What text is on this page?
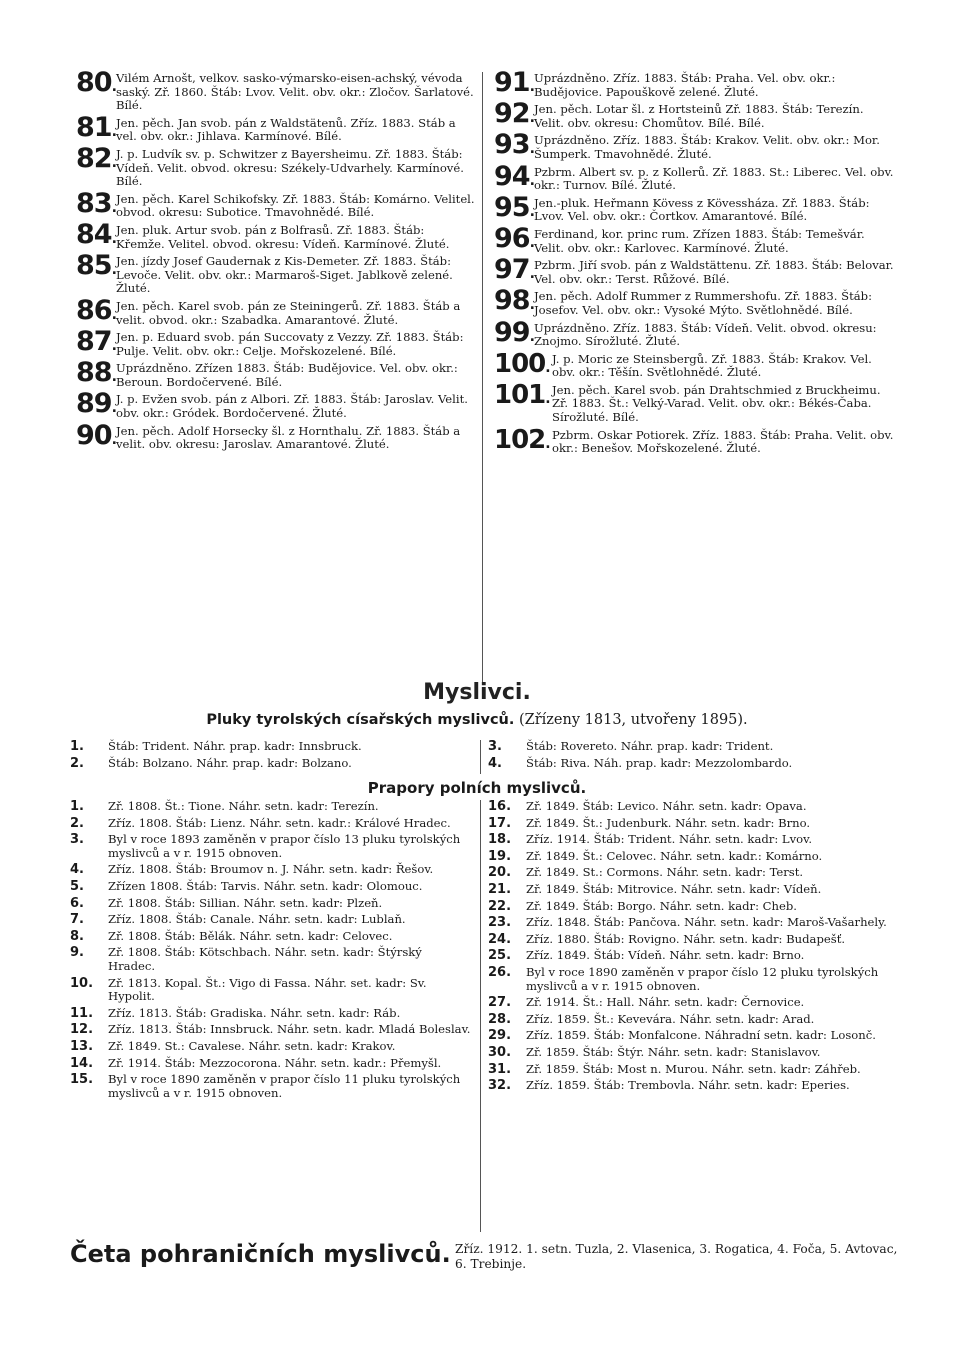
80 . Vilém Arnošt, velkov. sasko-výmarsko-eisen-achský, vévoda saský. Zř. 1860. Štáb: Lvov. Velit. obv. okr.: Zločov. Šarlatové. Bílé.
81 . Jen. pěch. Jan svob. pán z Waldstätenů. Zříz. 1883. Stáb a vel. obv. okr.: Jihlava. Karmínové. Bílé.
82 . J. p. Ludvík sv. p. Schwitzer z Bayersheimu. Zř. 1883. Štáb: Vídeň. Velit. obvod. okresu: Székely-Udvarhely. Karmínové. Bílé.
83 . Jen. pěch. Karel Schikofsky. Zř. 1883. Štáb: Komárno. Velitel. obvod. okresu: Subotice. Tmavohnědé. Bílé.
84 . Jen. pluk. Artur svob. pán z Bolfrasů. Zř. 1883. Štáb: Křemže. Velitel. obvod. okresu: Vídeň. Karmínové. Žluté.
85 . Jen. jízdy Josef Gaudernak z Kis-Demeter. Zř. 1883. Štáb: Levoče. Velit. obv. okr.: Marmaroš-Siget. Jablkově zelené. Žluté.
86 . Jen. pěch. Karel svob. pán ze Steiningerů. Zř. 1883. Štáb a velit. obvod. okr.: Szabadka. Amarantové. Žluté.
87 . Jen. p. Eduard svob. pán Succovaty z Vezzy. Zř. 1883. Štáb: Pulje. Velit. obv. okr.: Celje. Mořskozelené. Bílé.
88 . Uprázdněno. Zřízen 1883. Štáb: Budějovice. Vel. obv. okr.: Beroun. Bordočervené. Bílé.
89 . J. p. Evžen svob. pán z Albori. Zř. 1883. Štáb: Jaroslav. Velit. obv. okr.: Gródek. Bordočervené. Žluté.
90 . Jen. pěch. Adolf Horsecky šl. z Hornthalu. Zř. 1883. Štáb a velit. obv. okresu: Jaroslav. Amarantové. Žluté.
91 . Uprázdněno. Zříz. 1883. Štáb: Praha. Vel. obv. okr.: Budějovice. Papouškově zelené. Žluté.
92 . Jen. pěch. Lotar šl. z Hortsteinů Zř. 1883. Štáb: Terezín. Velit. obv. okresu: Chomůtov. Bílé. Bílé.
93 . Uprázdněno. Zříz. 1883. Štáb: Krakov. Velit. obv. okr.: Mor. Šumperk. Tmavohnědé. Žluté.
94 . Pzbrm. Albert sv. p. z Kollerů. Zř. 1883. St.: Liberec. Vel. obv. okr.: Turnov. Bílé. Žluté.
95 . Jen.-pluk. Heřmann Kövess z Kövessházа. Zř. 1883. Štáb: Lvov. Vel. obv. okr.: Čortkov. Amarantové. Bílé.
96 . Ferdinand, kor. princ rum. Zřízen 1883. Štáb: Temešvár. Velit. obv. okr.: Karlovec. Karmínové. Žluté.
97 . Pzbrm. Jiří svob. pán z Waldstättenu. Zř. 1883. Štáb: Belovar. Vel. obv. okr.: Terst. Růžové. Bílé.
98 . Jen. pěch. Adolf Rummer z Rummershofu. Zř. 1883. Štáb: Josefov. Vel. obv. okr.: Vysoké Mýto. Světlohnědé. Bílé.
99 . Uprázdněno. Zříz. 1883. Štáb: Vídeň. Velit. obvod. okresu: Znojmo. Sírožluté. Žluté.
100 . J. p. Moric ze Steinsbergů. Zř. 1883. Štáb: Krakov. Vel. obv. okr.: Těšín. Světlohnědé. Žluté.
101 . Jen. pěch. Karel svob. pán Drahtschmied z Bruckheimu. Zř. 1883. Št.: Velký-Varad. Velit. obv. okr.: Békés-Čaba. Sírožluté. Bílé.
102 . Pzbrm. Oskar Potiorek. Zříz. 1883. Štáb: Praha. Velit. obv. okr.: Benešov. Mořskozelené. Žluté.
Myslivci.
Pluky tyrolských císařských myslivců. (Zřízeny 1813, utvořeny 1895).
1. Štáb: Trident. Náhr. prap. kadr: Innsbruck.
2. Štáb: Bolzano. Náhr. prap. kadr: Bolzano.
3. Štáb: Rovereto. Náhr. prap. kadr: Trident.
4. Štáb: Riva. Náh. prap. kadr: Mezzolombardo.
Prapory polních myslivců.
1. Zř. 1808. Št.: Tione. Náhr. setn. kadr: Terezín.
2. Zříz. 1808. Štáb: Lienz. Náhr. setn. kadr.: Králové Hradec.
3. Byl v roce 1893 zaměněn v prapor číslo 13 pluku tyrolských myslivců a v r. 1915 obnoven.
4. Zříz. 1808. Štáb: Broumov n. J. Náhr. setn. kadr: Řešov.
5. Zřízen 1808. Štáb: Tarvis. Náhr. setn. kadr: Olomouc.
6. Zř. 1808. Štáb: Sillian. Náhr. setn. kadr: Plzeň.
7. Zříz. 1808. Štáb: Canale. Náhr. setn. kadr: Lublaň.
8. Zř. 1808. Štáb: Bělák. Náhr. setn. kadr: Celovec.
9. Zř. 1808. Štáb: Kötschbach. Náhr. setn. kadr: Štýrský Hradec.
10. Zř. 1813. Kopal. Št.: Vigo di Fassa. Náhr. set. kadr: Sv. Hypolit.
11. Zříz. 1813. Štáb: Gradiska. Náhr. setn. kadr: Ráb.
12. Zříz. 1813. Štáb: Innsbruck. Náhr. setn. kadr. Mladá Boleslav.
13. Zř. 1849. St.: Cavalese. Náhr. setn. kadr: Krakov.
14. Zř. 1914. Štáb: Mezzocorona. Náhr. setn. kadr.: Přemyšl.
15. Byl v roce 1890 zaměněn v prapor číslo 11 pluku tyrolských myslivců a v r. 1915 obnoven.
16. Zř. 1849. Štáb: Levico. Náhr. setn. kadr: Opava.
17. Zř. 1849. Št.: Judenburk. Náhr. setn. kadr: Brno.
18. Zříz. 1914. Štáb: Trident. Náhr. setn. kadr: Lvov.
19. Zř. 1849. Št.: Celovec. Náhr. setn. kadr.: Komárno.
20. Zř. 1849. St.: Cormons. Náhr. setn. kadr: Terst.
21. Zř. 1849. Štáb: Mitrovice. Náhr. setn. kadr: Vídeň.
22. Zř. 1849. Štáb: Borgo. Náhr. setn. kadr: Cheb.
23. Zříz. 1848. Štáb: Pančova. Náhr. setn. kadr: Maroš-Vašarhely.
24. Zříz. 1880. Štáb: Rovigno. Náhr. setn. kadr: Budapešť.
25. Zříz. 1849. Štáb: Vídeň. Náhr. setn. kadr: Brno.
26. Byl v roce 1890 zaměněn v prapor číslo 12 pluku tyrolských myslivců a v r. 1915 obnoven.
27. Zř. 1914. Št.: Hall. Náhr. setn. kadr: Černovice.
28. Zříz. 1859. Št.: Kevevára. Náhr. setn. kadr: Arad.
29. Zříz. 1859. Štáb: Monfalcone. Náhradní setn. kadr: Losonč.
30. Zř. 1859. Štáb: Štýr. Náhr. setn. kadr: Stanislavov.
31. Zř. 1859. Štáb: Most n. Murou. Náhr. setn. kadr: Záhřeb.
32. Zříz. 1859. Štáb: Trembovla. Náhr. setn. kadr: Eperies.
Četa pohraničních myslivců. Zříz. 1912. 1. setn. Tuzla, 2. Vlasenica, 3. Rogatica, 4. Foča, 5. Avtovac, 6. Trebinje.
